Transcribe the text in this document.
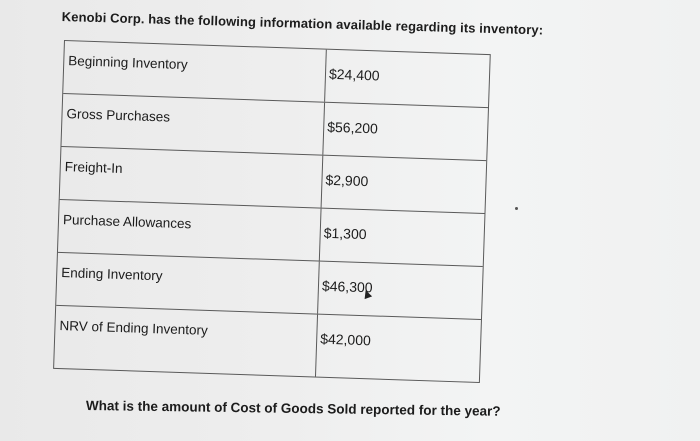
Kenobi Corp. has the following information available regarding its inventory:
Beginning Inventory
$24,400
Gross Purchases
$56,200
Freight-In
$2,900
Purchase Allowances
$1,300
Ending Inventory
$46,300
NRV of Ending Inventory
$42,000
What is the amount of Cost of Goods Sold reported for the year?
